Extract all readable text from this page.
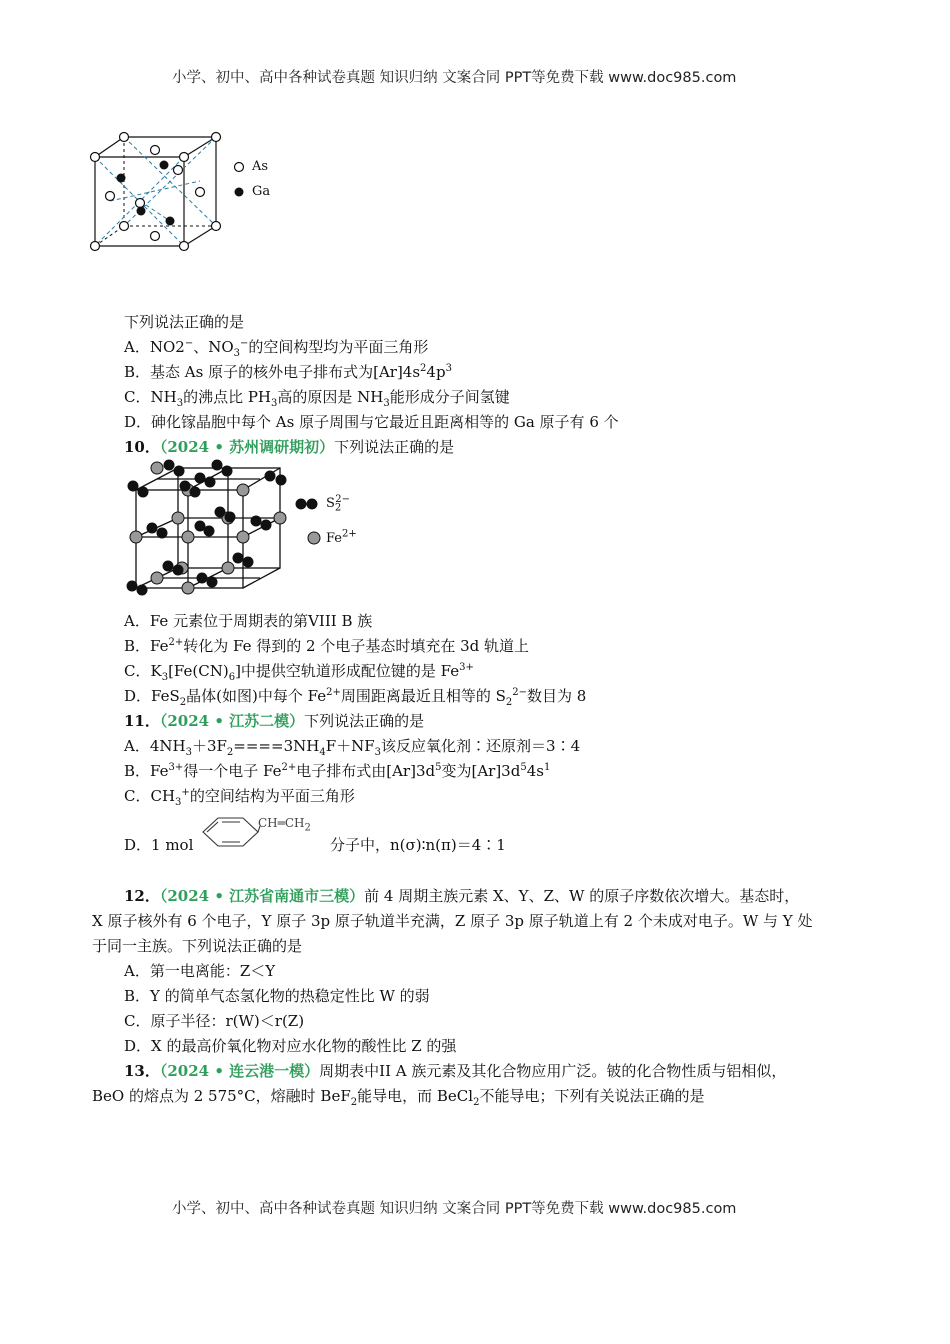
小学、初中、高中各种试卷真题 知识归纳 文案合同 PPT等免费下载 www.doc985.com
As
Ga
下列说法正确的是
A．NO2−、$NO_3^-$的空间构型均为平面三角形
B．基态 As 原子的核外电子排布式为$[Ar]4s^24p^3$
C．$NH_3$的沸点比 $PH_3$高的原因是 $NH_3$能形成分子间氢键
D．砷化镓晶胞中每个 As 原子周围与它最近且距离相等的 Ga 原子有 6 个
10．（2024 • 苏州调研期初）下列说法正确的是
$S_2^{2-}$
$Fe^{2+}$
A．Fe 元素位于周期表的第VIII B 族
B．$Fe^{2+}$转化为 Fe 得到的 2 个电子基态时填充在 3d 轨道上
C．$K_3[Fe(CN)_6]$中提供空轨道形成配位键的是 $Fe^{3+}$
D．FeS$_2$晶体(如图)中每个 $Fe^{2+}$周围距离最近且相等的 $S_2^{2-}$数目为 8
11．（2024 • 江苏二模）下列说法正确的是
A．$4NH_3+3F_2====3NH_4F+NF_3$该反应氧化剂∶还原剂＝3∶4
B．$Fe^{3+}$得一个电子 $Fe^{2+}$电子排布式由$[Ar]3d^5$变为$[Ar]3d^54s^1$
C．$CH_3^+$的空间结构为平面三角形
D．1 mol
$CH═CH_2$
分子中，n(σ)∶n(π)＝4∶1
12．（2024 • 江苏省南通市三模）前 4 周期主族元素 X、Y、Z、W 的原子序数依次增大。基态时，
X 原子核外有 6 个电子，Y 原子 3p 原子轨道半充满，Z 原子 3p 原子轨道上有 2 个未成对电子。W 与 Y 处
于同一主族。下列说法正确的是
A．第一电离能：Z＜Y
B．Y 的简单气态氢化物的热稳定性比 W 的弱
C．原子半径：r(W)＜r(Z)
D．X 的最高价氧化物对应水化物的酸性比 Z 的强
13．（2024 • 连云港一模）周期表中II A 族元素及其化合物应用广泛。铍的化合物性质与铝相似，
BeO 的熔点为 2 575°C，熔融时 BeF$_2$能导电，而 BeCl$_2$不能导电；下列有关说法正确的是
小学、初中、高中各种试卷真题 知识归纳 文案合同 PPT等免费下载 www.doc985.com
